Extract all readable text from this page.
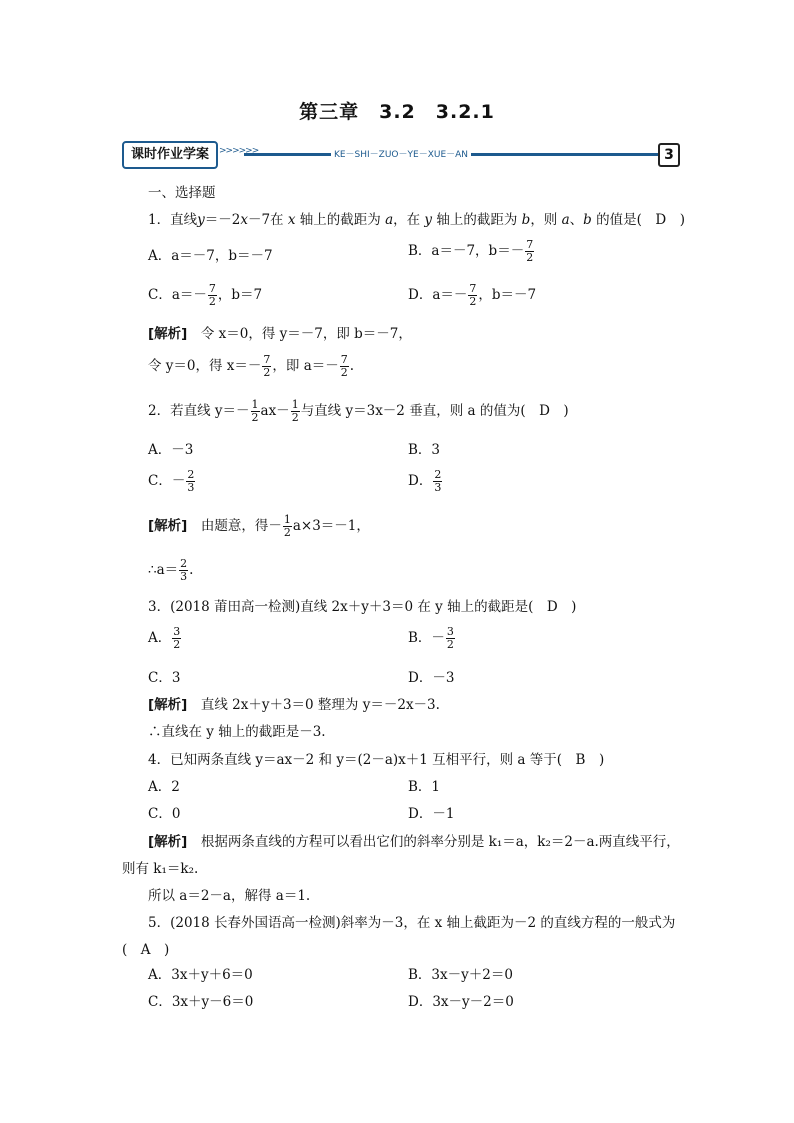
第三章　3.2　3.2.1
KE－SHI－ZUO－YE－XUE－AN
课时作业学案	>>>>>>	3
一、选择题
1．直线y＝－2x－7在 x 轴上的截距为 a，在 y 轴上的截距为 b，则 a、b 的值是(　D　)
A．a＝－7，b＝－7	B．a＝－7，$b=- \frac{7}{2}$
C．$a=- \frac{7}{2}$ ，b＝7	D．$a=- \frac{7}{2}$ ，b＝－7
[解析]　 令 x＝0，得 y＝－7，即 b＝－7，
令 y＝0，得 $x=- \frac{7}{2}$ ，即 $a=- \frac{7}{2}$ .
2．若直线 $y=- \frac{1}{2} ax- \frac{1}{2}$ 与直线 y＝3x－2 垂直，则 a 的值为(　D　)
A．－3	B．3
C．－ $\frac{2}{3}$	D． $\frac{2}{3}$
[解析]　 由题意，得－ $\frac{1}{2} a\times 3=-1$，
∴a＝ $\frac{2}{3}$ .
3．(2018 莆田高一检测)直线 2x＋y＋3＝0 在 y 轴上的截距是(　D　)
A． $\frac{3}{2}$	B．－ $\frac{3}{2}$
C．3	D．－3
[解析]　 直线 2x＋y＋3＝0 整理为 y＝－2x－3.
∴直线在 y 轴上的截距是－3.
4．已知两条直线 y＝ax－2 和 y＝(2－a)x＋1 互相平行，则 a 等于(　B　)
A．2	B．1
C．0	D．－1
[解析]　 根据两条直线的方程可以看出它们的斜率分别是 k₁＝a，k₂＝2－a.两直线平行，
则有 k₁＝k₂.
所以 a＝2－a，解得 a＝1.
5．(2018 长春外国语高一检测)斜率为－3，在 x 轴上截距为－2 的直线方程的一般式为
(　A　)
A．3x＋y＋6＝0	B．3x－y＋2＝0
C．3x＋y－6＝0	D．3x－y－2＝0
